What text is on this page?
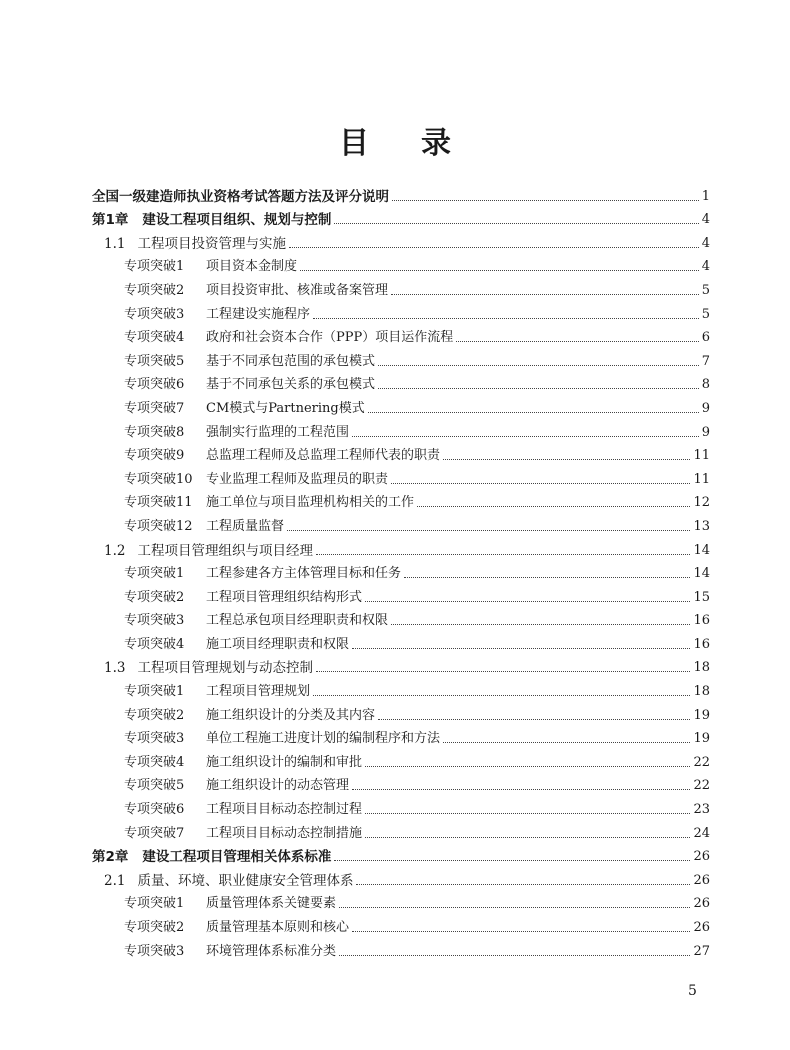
目 录
全国一级建造师执业资格考试答题方法及评分说明	1
第1章 建设工程项目组织、规划与控制	4
1.1 工程项目投资管理与实施	4
专项突破1	项目资本金制度	4
专项突破2	项目投资审批、核准或备案管理	5
专项突破3	工程建设实施程序	5
专项突破4	政府和社会资本合作（PPP）项目运作流程	6
专项突破5	基于不同承包范围的承包模式	7
专项突破6	基于不同承包关系的承包模式	8
专项突破7	CM模式与Partnering模式	9
专项突破8	强制实行监理的工程范围	9
专项突破9	总监理工程师及总监理工程师代表的职责	11
专项突破10	专业监理工程师及监理员的职责	11
专项突破11	施工单位与项目监理机构相关的工作	12
专项突破12	工程质量监督	13
1.2 工程项目管理组织与项目经理	14
专项突破1	工程参建各方主体管理目标和任务	14
专项突破2	工程项目管理组织结构形式	15
专项突破3	工程总承包项目经理职责和权限	16
专项突破4	施工项目经理职责和权限	16
1.3 工程项目管理规划与动态控制	18
专项突破1	工程项目管理规划	18
专项突破2	施工组织设计的分类及其内容	19
专项突破3	单位工程施工进度计划的编制程序和方法	19
专项突破4	施工组织设计的编制和审批	22
专项突破5	施工组织设计的动态管理	22
专项突破6	工程项目目标动态控制过程	23
专项突破7	工程项目目标动态控制措施	24
第2章 建设工程项目管理相关体系标准	26
2.1 质量、环境、职业健康安全管理体系	26
专项突破1	质量管理体系关键要素	26
专项突破2	质量管理基本原则和核心	26
专项突破3	环境管理体系标准分类	27
5
